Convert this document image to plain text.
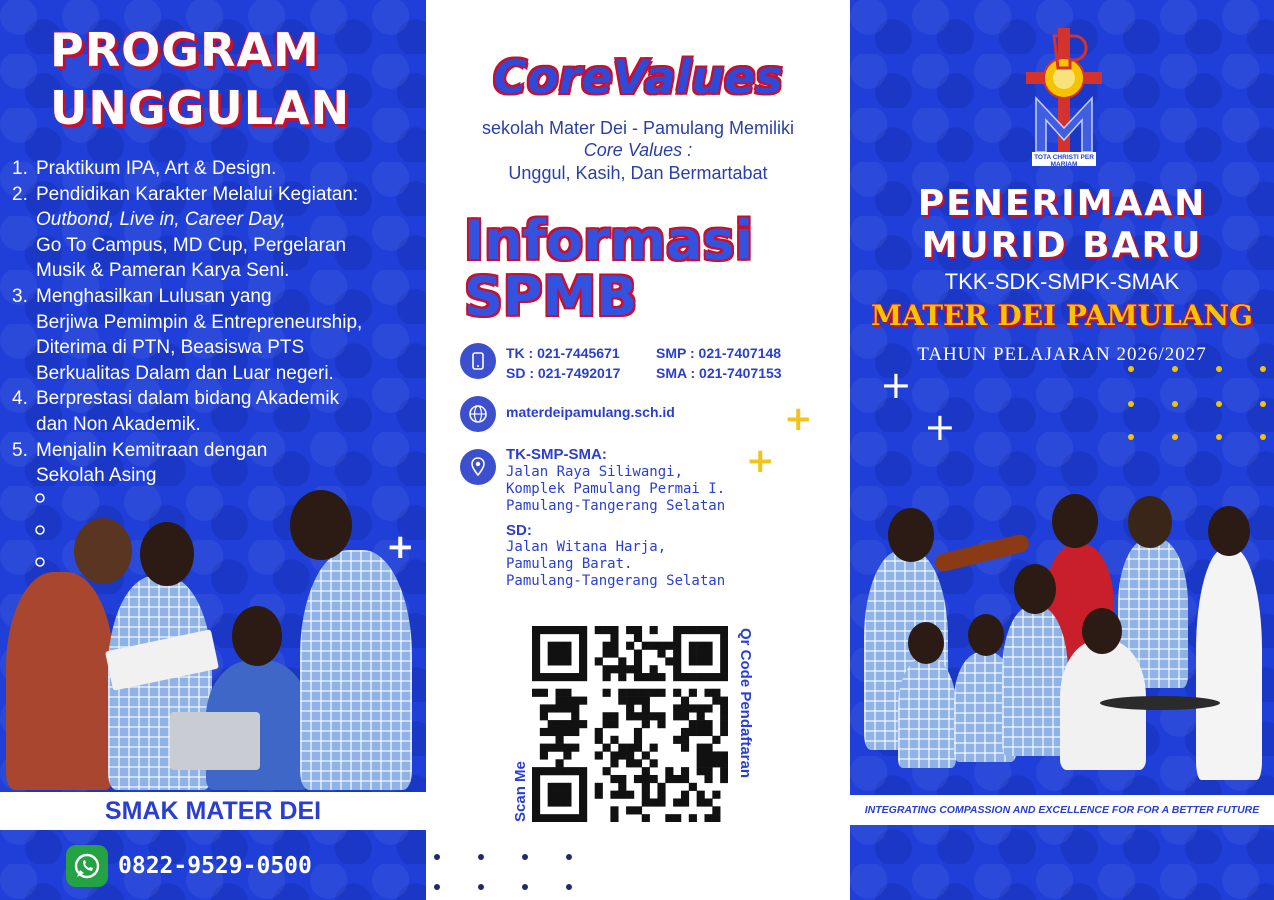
PROGRAM
UNGGULAN
1. Praktikum IPA, Art & Design.
2. Pendidikan Karakter Melalui Kegiatan:
Outbond, Live in, Career Day,
Go To Campus, MD Cup, Pergelaran
Musik & Pameran Karya Seni.
3. Menghasilkan Lulusan yang
Berjiwa Pemimpin & Entrepreneurship,
Diterima di PTN, Beasiswa PTS
Berkualitas Dalam dan Luar negeri.
4. Berprestasi dalam bidang Akademik
dan Non Akademik.
5. Menjalin Kemitraan dengan
Sekolah Asing
+
SMAK MATER DEI
0822-9529-0500
CoreValues
sekolah Mater Dei - Pamulang Memiliki
Core Values :
Unggul, Kasih, Dan Bermartabat
Informasi
SPMB
TK : 021-7445671	SMP : 021-7407148
SD : 021-7492017	SMA : 021-7407153
materdeipamulang.sch.id	+
TK-SMP-SMA:
Jalan Raya Siliwangi,
Komplek Pamulang Permai I.
Pamulang-Tangerang Selatan
+
SD:
Jalan Witana Harja,
Pamulang Barat.
Pamulang-Tangerang Selatan
Qr Code Pendaftaran
Scan Me
TOTA CHRISTI PER MARIAM
PENERIMAAN
MURID BARU
TKK-SDK-SMPK-SMAK
MATER DEI PAMULANG
TAHUN PELAJARAN 2026/2027
+
+
INTEGRATING COMPASSION AND EXCELLENCE FOR FOR A BETTER FUTURE
